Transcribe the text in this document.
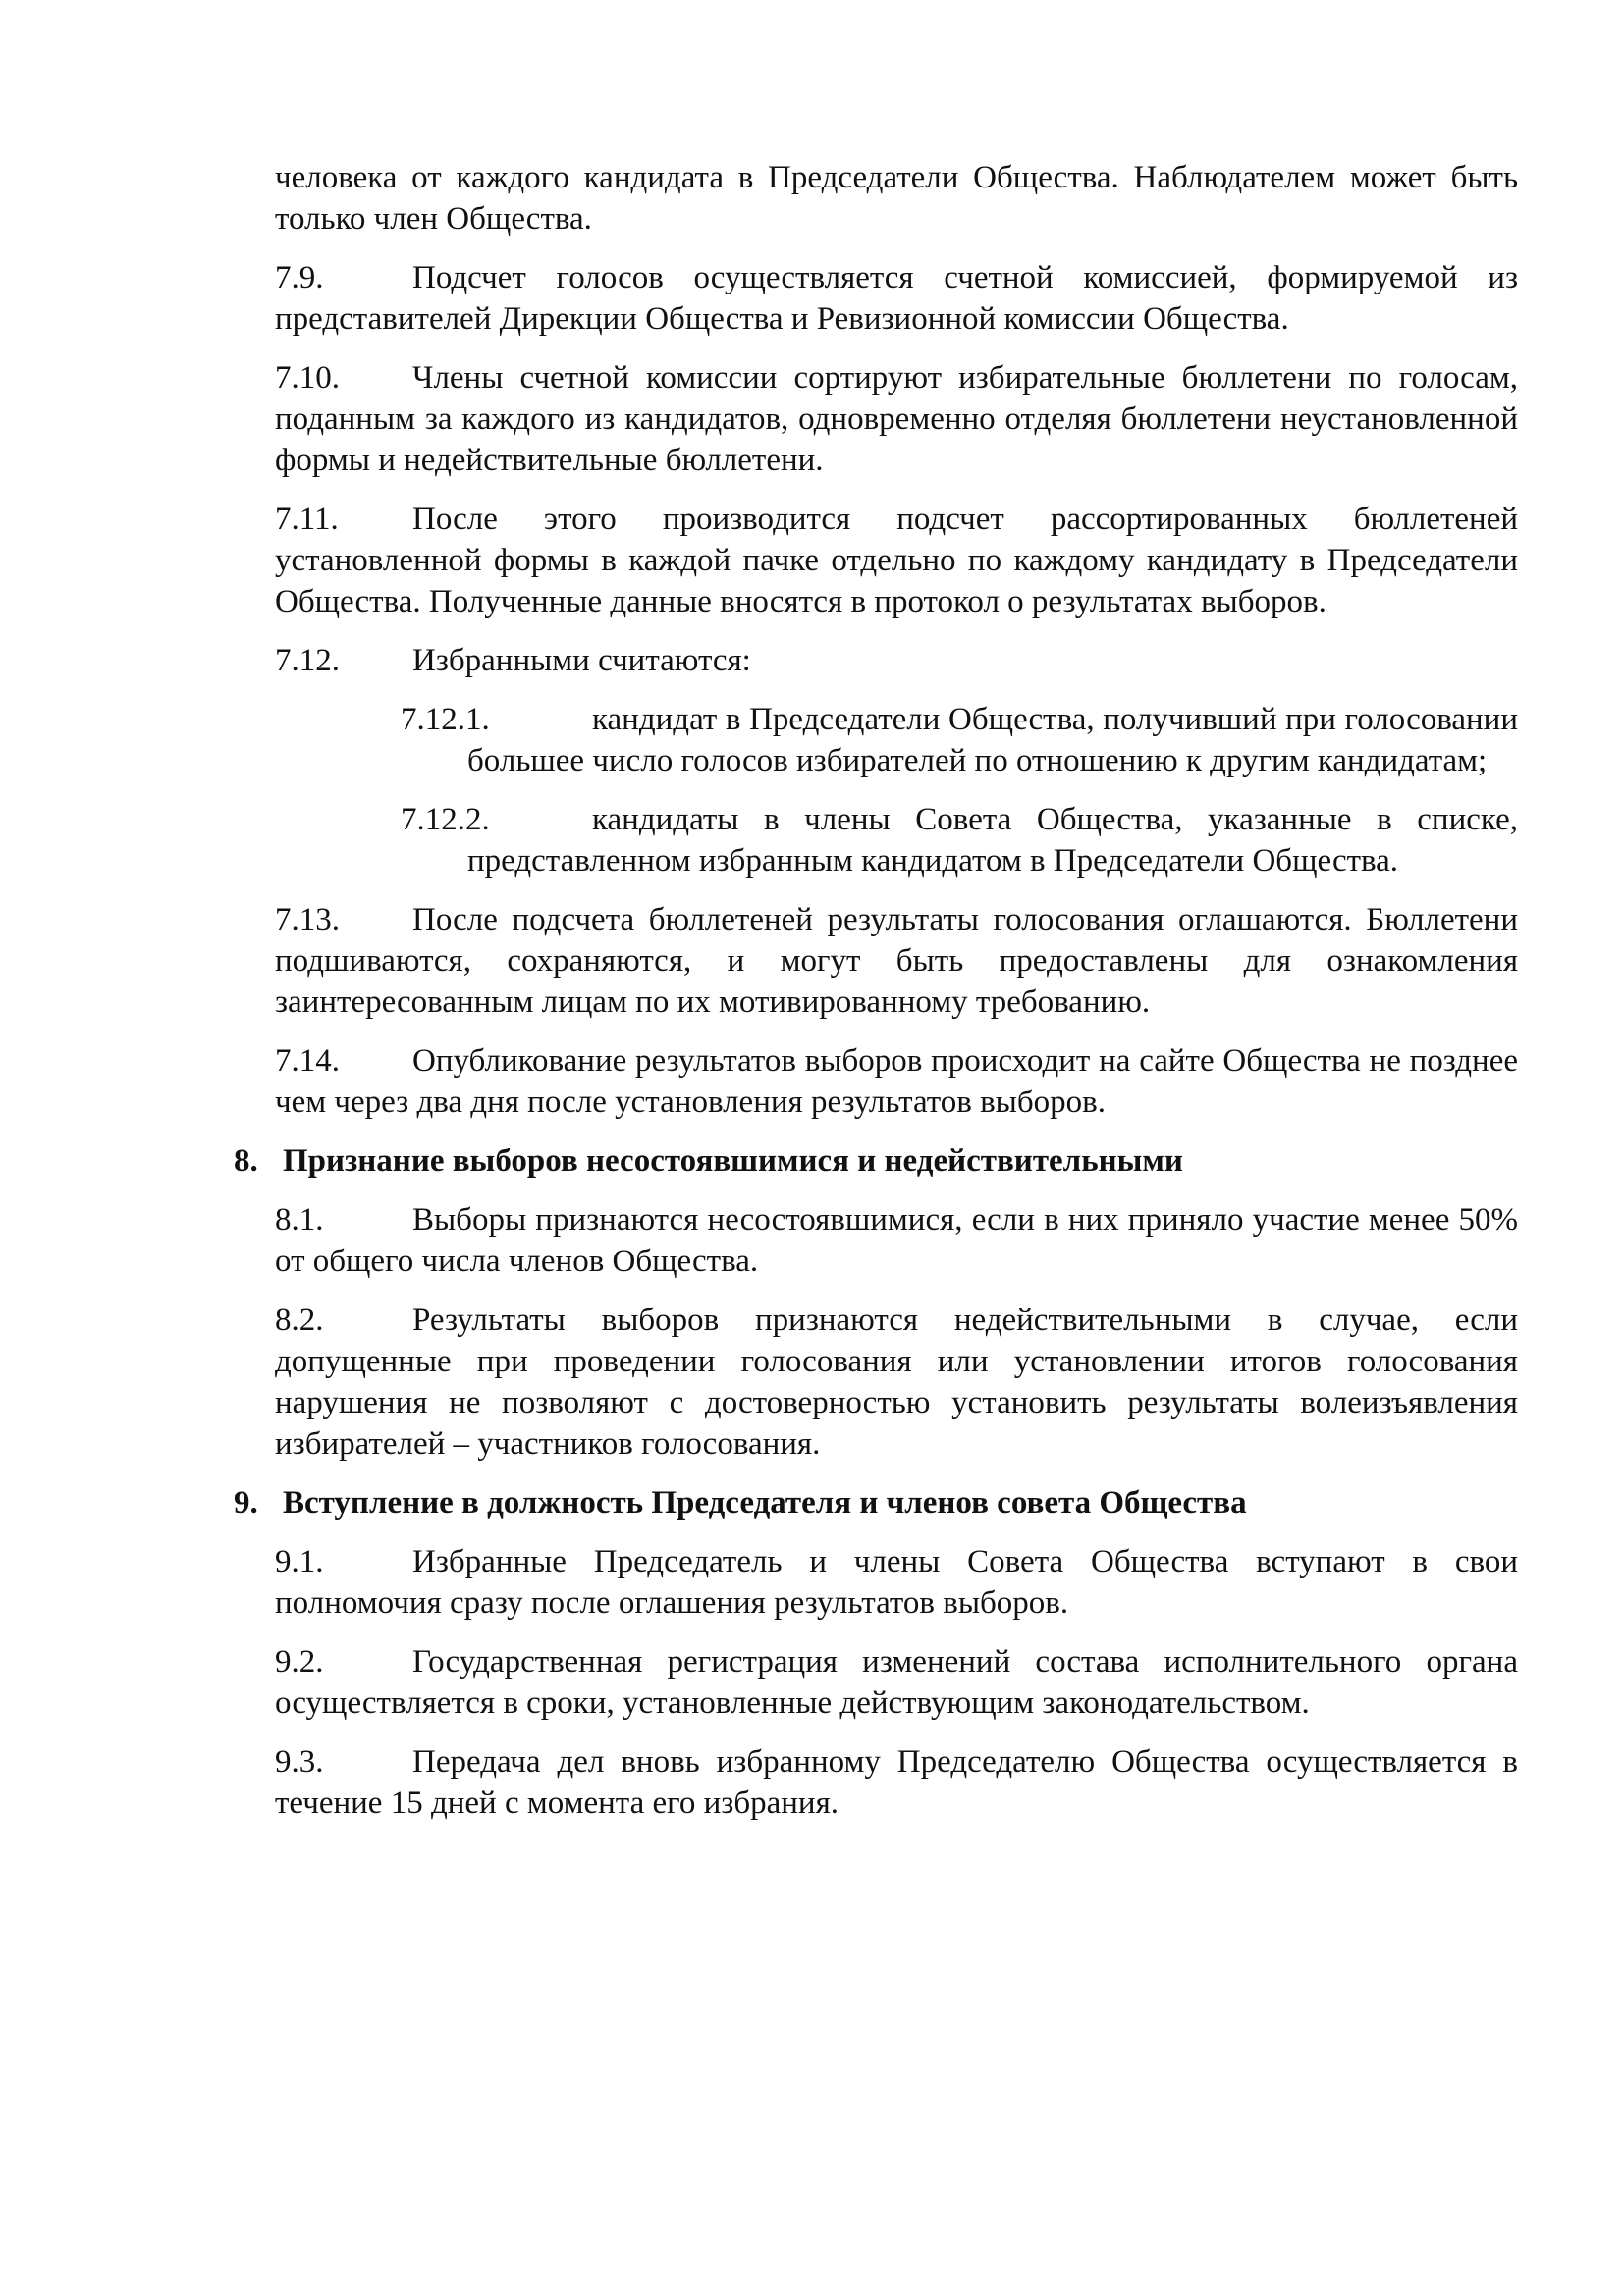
человека от каждого кандидата в Председатели Общества. Наблюдателем может быть только член Общества.

7.9.	Подсчет голосов осуществляется счетной комиссией, формируемой из представителей Дирекции Общества и Ревизионной комиссии Общества.

7.10. Члены счетной комиссии сортируют избирательные бюллетени по голосам, поданным за каждого из кандидатов, одновременно отделяя бюллетени неустановленной формы и недействительные бюллетени.

7.11. После этого производится подсчет рассортированных бюллетеней установленной формы в каждой пачке отдельно по каждому кандидату в Председатели Общества. Полученные данные вносятся в протокол о результатах выборов.

7.12. Избранными считаются:

7.12.1.	кандидат в Председатели Общества, получивший при голосовании большее число голосов избирателей по отношению к другим кандидатам;

7.12.2.	кандидаты в члены Совета Общества, указанные в списке, представленном избранным кандидатом в Председатели Общества.

7.13. После подсчета бюллетеней результаты голосования оглашаются. Бюллетени подшиваются, сохраняются, и могут быть предоставлены для ознакомления заинтересованным лицам по их мотивированному требованию.

7.14. Опубликование результатов выборов происходит на сайте Общества не позднее чем через два дня после установления результатов выборов.

8. Признание выборов несостоявшимися и недействительными

8.1.	Выборы признаются несостоявшимися, если в них приняло участие менее 50% от общего числа членов Общества.

8.2.	Результаты выборов признаются недействительными в случае, если допущенные при проведении голосования или установлении итогов голосования нарушения не позволяют с достоверностью установить результаты волеизъявления избирателей – участников голосования.

9. Вступление в должность Председателя и членов совета Общества

9.1.	Избранные Председатель и члены Совета Общества вступают в свои полномочия сразу после оглашения результатов выборов.

9.2.	Государственная регистрация изменений состава исполнительного органа осуществляется в сроки, установленные действующим законодательством.

9.3.	Передача дел вновь избранному Председателю Общества осуществляется в течение 15 дней с момента его избрания.
